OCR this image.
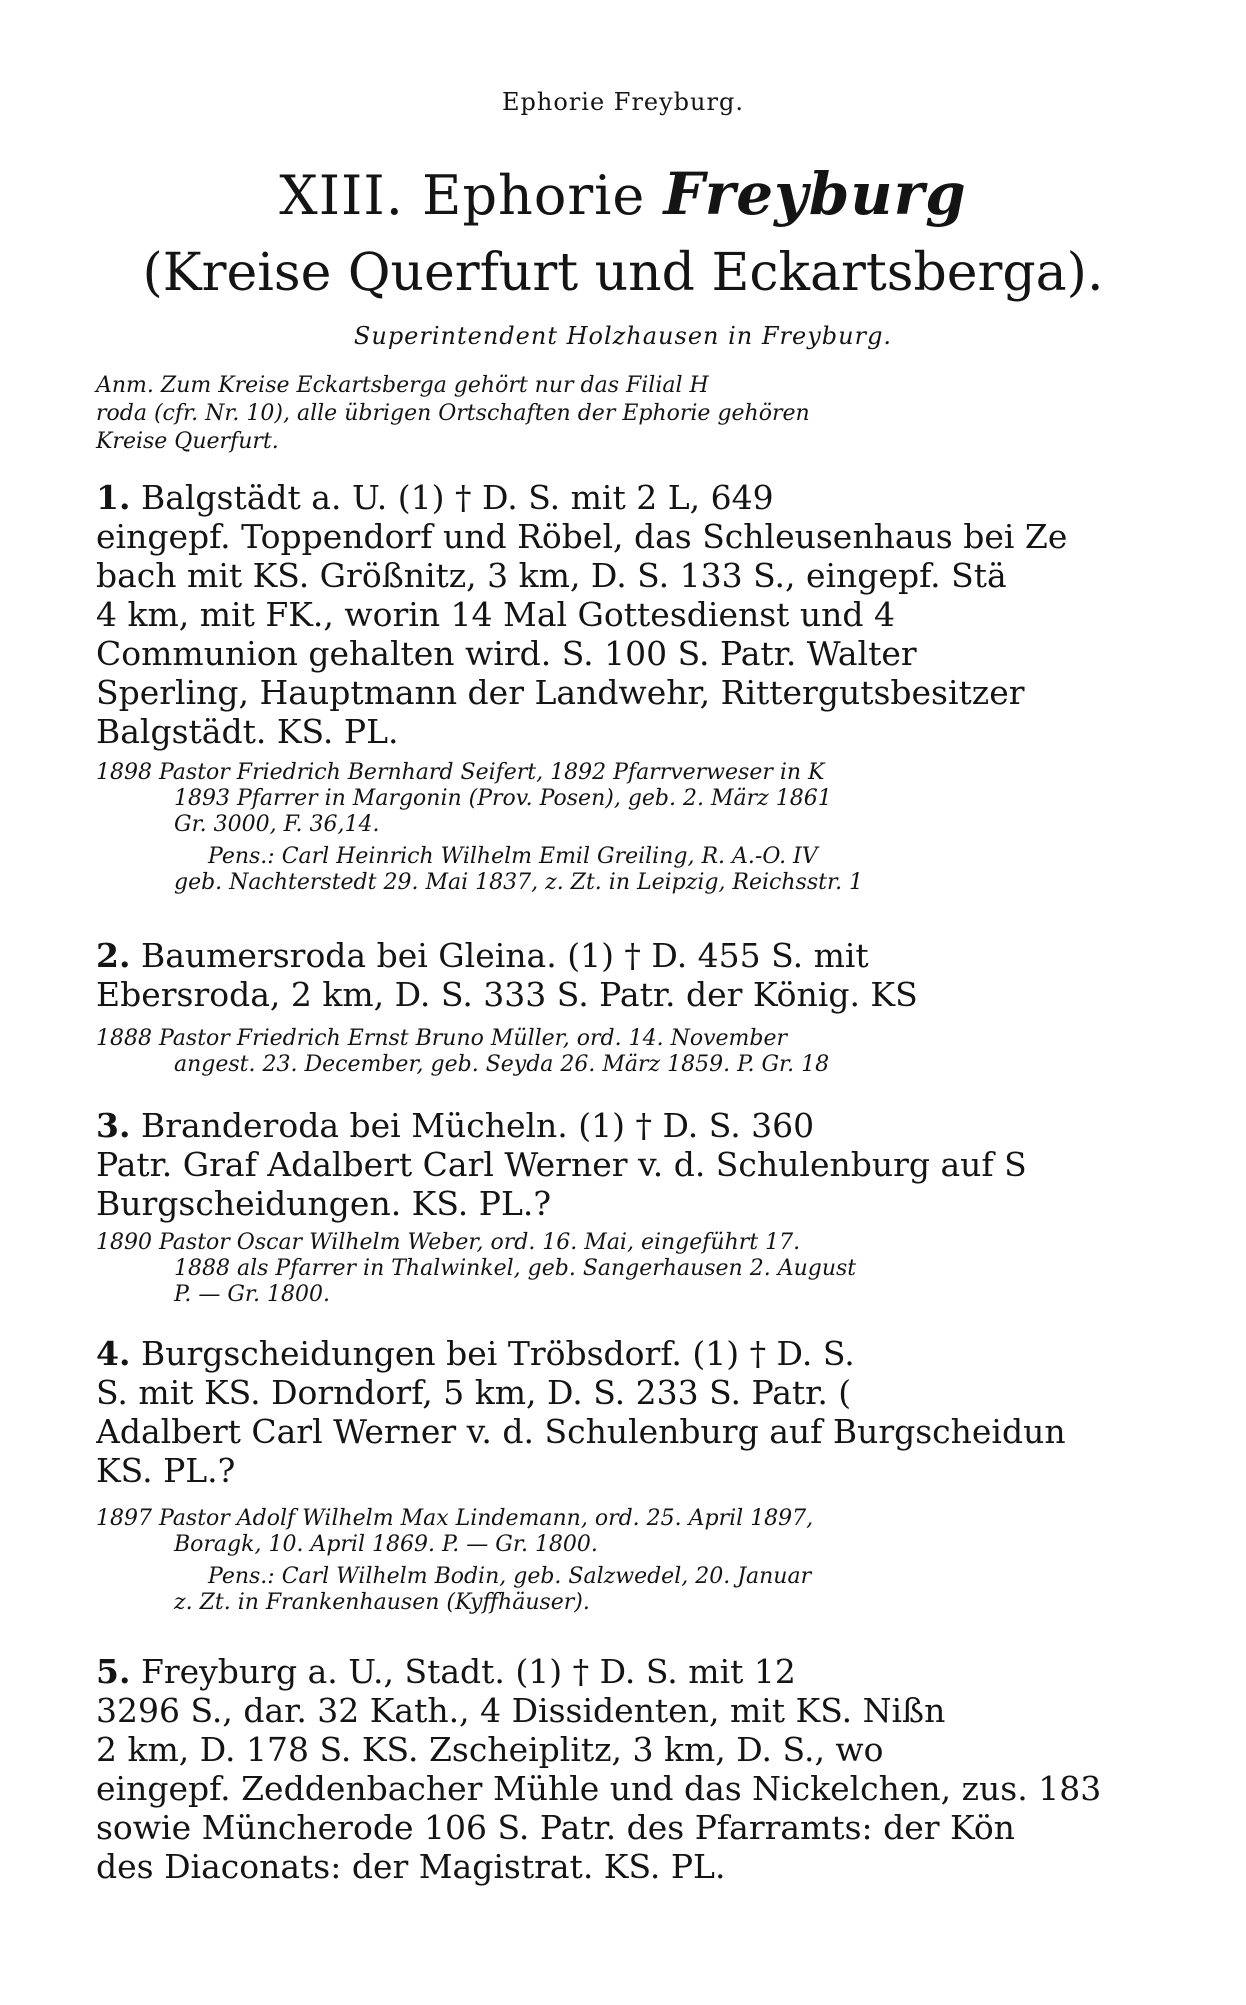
Ephorie Freyburg.
XIII. Ephorie Freyburg
(Kreise Querfurt und Eckartsberga).
Superintendent Holzhausen in Freyburg.
Anm. Zum Kreise Eckartsberga gehört nur das Filial H
roda (cfr. Nr. 10), alle übrigen Ortschaften der Ephorie gehören
Kreise Querfurt.
1. Balgstädt a. U. (1) † D. S. mit 2 L, 649
eingepf. Toppendorf und Röbel, das Schleusenhaus bei Ze
bach mit KS. Größnitz, 3 km, D. S. 133 S., eingepf. Stä
4 km, mit FK., worin 14 Mal Gottesdienst und 4
Communion gehalten wird. S. 100 S. Patr. Walter
Sperling, Hauptmann der Landwehr, Rittergutsbesitzer
Balgstädt. KS. PL.
1898 Pastor Friedrich Bernhard Seifert, 1892 Pfarrverweser in K
1893 Pfarrer in Margonin (Prov. Posen), geb. 2. März 1861
Gr. 3000, F. 36,14.
Pens.: Carl Heinrich Wilhelm Emil Greiling, R. A.-O. IV
geb. Nachterstedt 29. Mai 1837, z. Zt. in Leipzig, Reichsstr. 1
2. Baumersroda bei Gleina. (1) † D. 455 S. mit
Ebersroda, 2 km, D. S. 333 S. Patr. der König. KS
1888 Pastor Friedrich Ernst Bruno Müller, ord. 14. November
angest. 23. December, geb. Seyda 26. März 1859. P. Gr. 18
3. Branderoda bei Mücheln. (1) † D. S. 360
Patr. Graf Adalbert Carl Werner v. d. Schulenburg auf S
Burgscheidungen. KS. PL.?
1890 Pastor Oscar Wilhelm Weber, ord. 16. Mai, eingeführt 17.
1888 als Pfarrer in Thalwinkel, geb. Sangerhausen 2. August
P. — Gr. 1800.
4. Burgscheidungen bei Tröbsdorf. (1) † D. S.
S. mit KS. Dorndorf, 5 km, D. S. 233 S. Patr. (
Adalbert Carl Werner v. d. Schulenburg auf Burgscheidun
KS. PL.?
1897 Pastor Adolf Wilhelm Max Lindemann, ord. 25. April 1897,
Boragk, 10. April 1869. P. — Gr. 1800.
Pens.: Carl Wilhelm Bodin, geb. Salzwedel, 20. Januar
z. Zt. in Frankenhausen (Kyffhäuser).
5. Freyburg a. U., Stadt. (1) † D. S. mit 12
3296 S., dar. 32 Kath., 4 Dissidenten, mit KS. Nißn
2 km, D. 178 S. KS. Zscheiplitz, 3 km, D. S., wo
eingepf. Zeddenbacher Mühle und das Nickelchen, zus. 183
sowie Müncherode 106 S. Patr. des Pfarramts: der Kön
des Diaconats: der Magistrat. KS. PL.
